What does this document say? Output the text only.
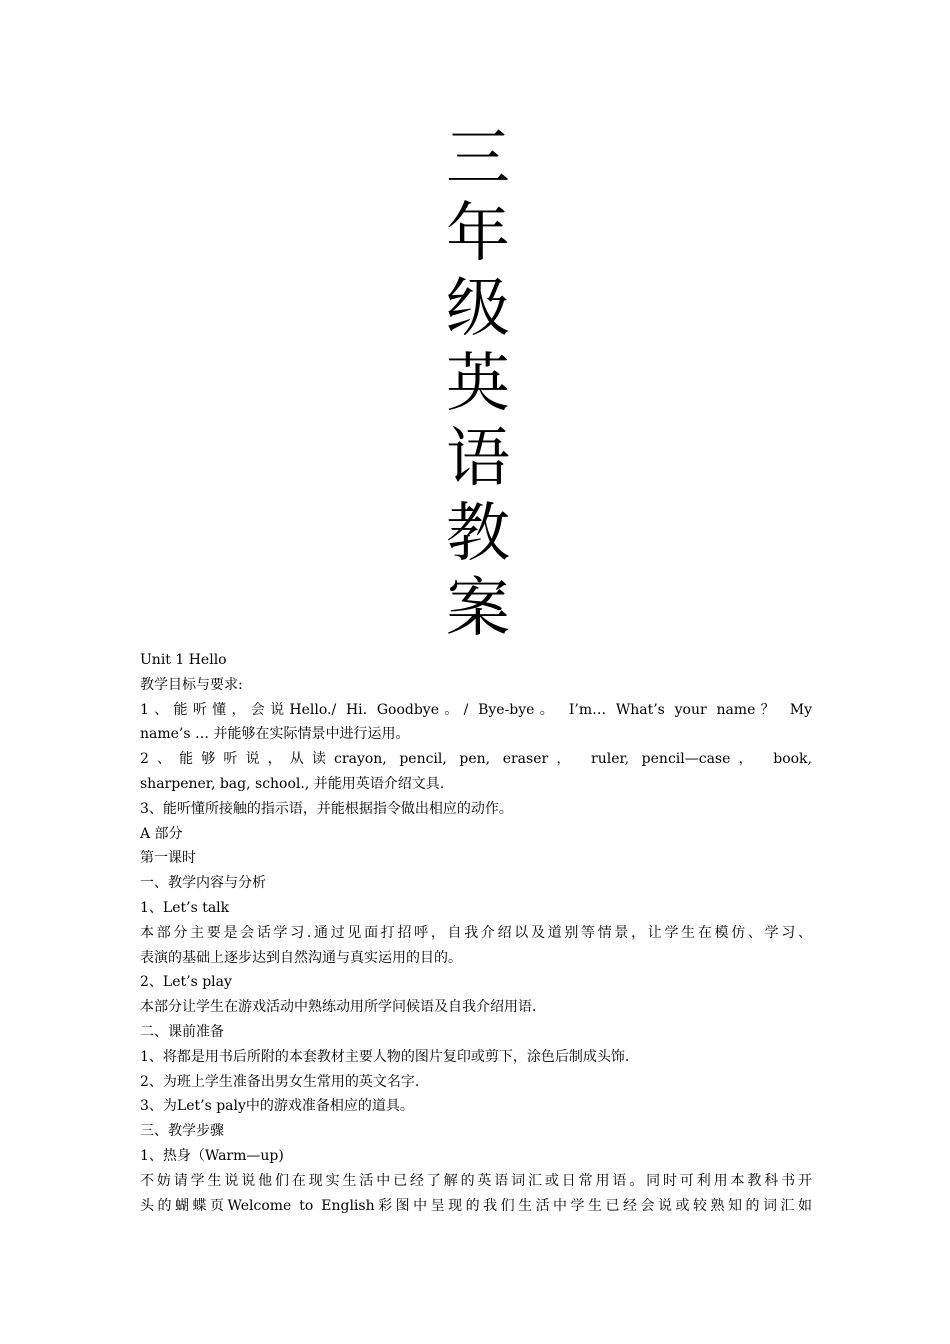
三
年
级
英
语
教
案
Unit 1 Hello
教学目标与要求:
1、能听懂，会说Hello./ Hi. Goodbye。/ Bye-bye。 I’m… What’s your name？ My
name’s … 并能够在实际情景中进行运用。
2、能够听说，从读crayon, pencil, pen, eraser， ruler, pencil—case， book,
sharpener, bag, school., 并能用英语介绍文具.
3、能听懂所接触的指示语，并能根据指令做出相应的动作。
A 部分
第一课时
一、教学内容与分析
1、Let’s talk
本部分主要是会话学习.通过见面打招呼，自我介绍以及道别等情景，让学生在模仿、学习、
表演的基础上逐步达到自然沟通与真实运用的目的。
2、Let’s play
本部分让学生在游戏活动中熟练动用所学问候语及自我介绍用语.
二、课前准备
1、将都是用书后所附的本套教材主要人物的图片复印或剪下，涂色后制成头饰.
2、为班上学生准备出男女生常用的英文名字.
3、为Let’s paly中的游戏准备相应的道具。
三、教学步骤
1、热身（Warm—up)
不妨请学生说说他们在现实生活中已经了解的英语词汇或日常用语。同时可利用本教科书开
头的蝴蝶页Welcome to English彩图中呈现的我们生活中学生已经会说或较熟知的词汇如
